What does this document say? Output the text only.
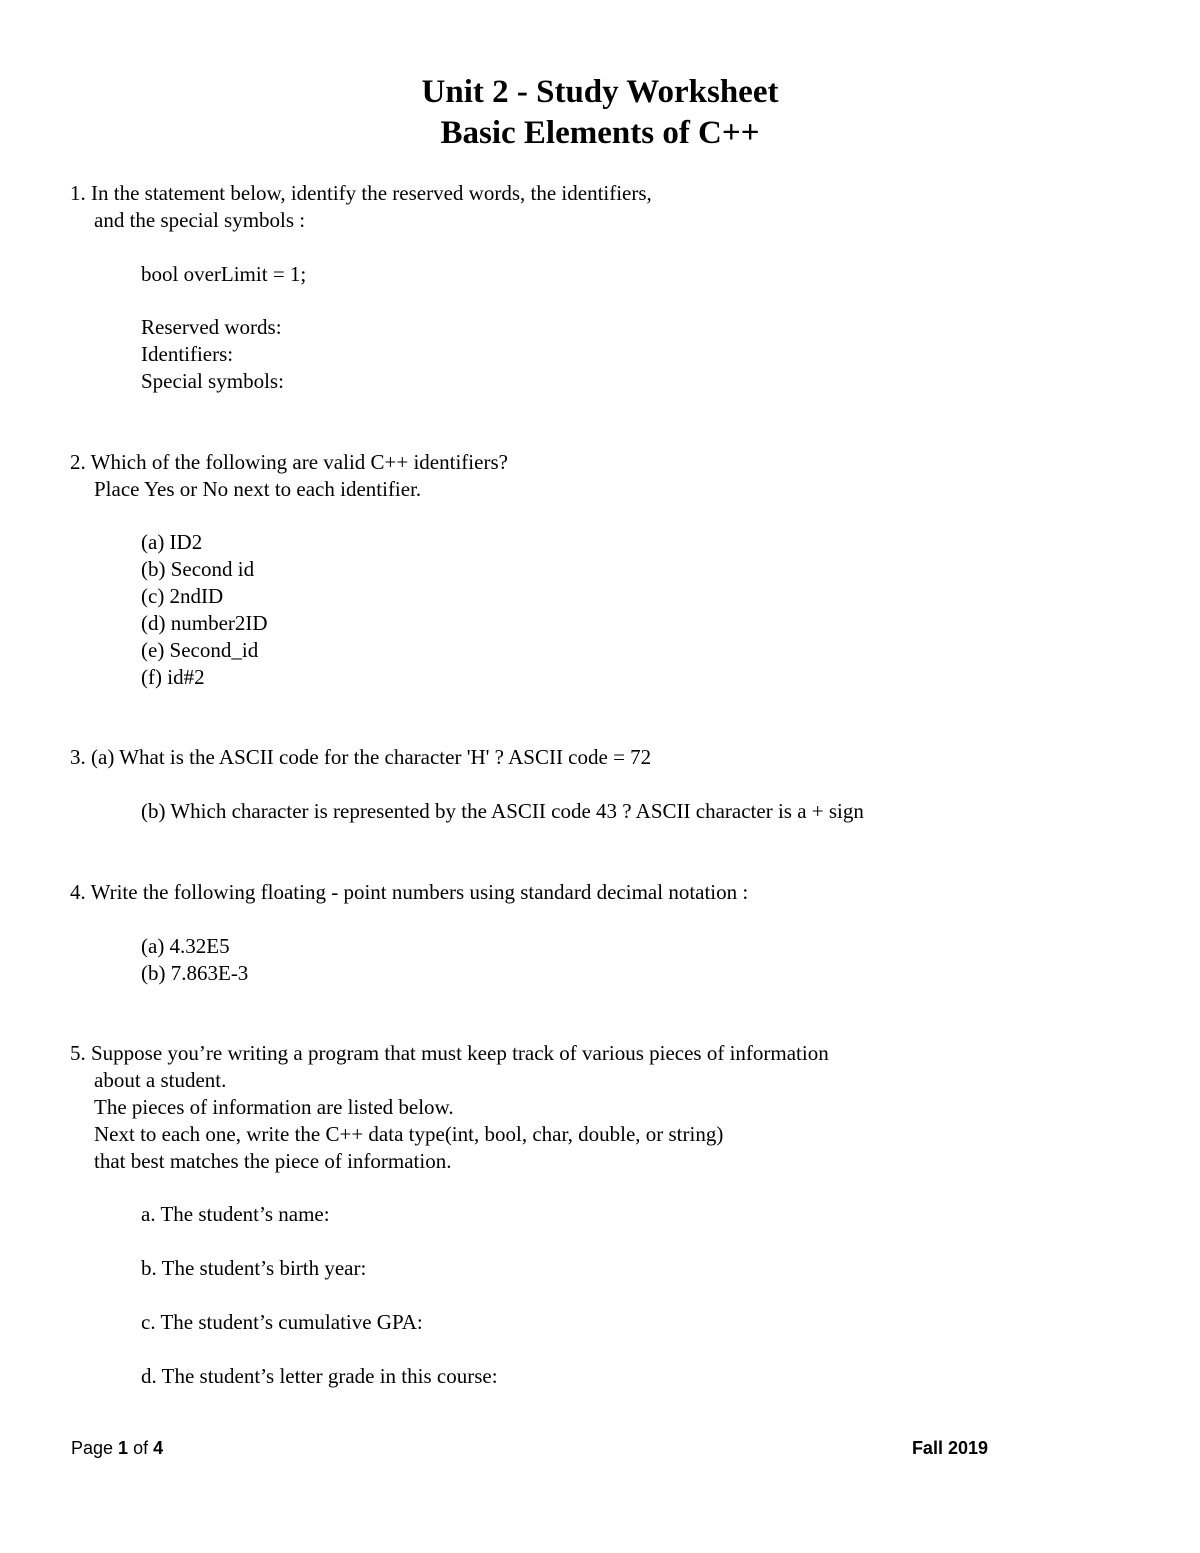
Unit 2 - Study Worksheet
Basic Elements of C++
1. In the statement below, identify the reserved words, the identifiers,
and the special symbols :
bool overLimit = 1;
Reserved words:
Identifiers:
Special symbols:
2. Which of the following are valid C++ identifiers?
Place Yes or No next to each identifier.
(a) ID2
(b) Second id
(c) 2ndID
(d) number2ID
(e) Second_id
(f) id#2
3. (a) What is the ASCII code for the character 'H' ? ASCII code = 72
(b) Which character is represented by the ASCII code 43 ? ASCII character is a + sign
4. Write the following floating - point numbers using standard decimal notation :
(a) 4.32E5
(b) 7.863E-3
5. Suppose you’re writing a program that must keep track of various pieces of information
about a student.
The pieces of information are listed below.
Next to each one, write the C++ data type(int, bool, char, double, or string)
that best matches the piece of information.
a. The student’s name:
b. The student’s birth year:
c. The student’s cumulative GPA:
d. The student’s letter grade in this course:
Page 1 of 4	Fall 2019
